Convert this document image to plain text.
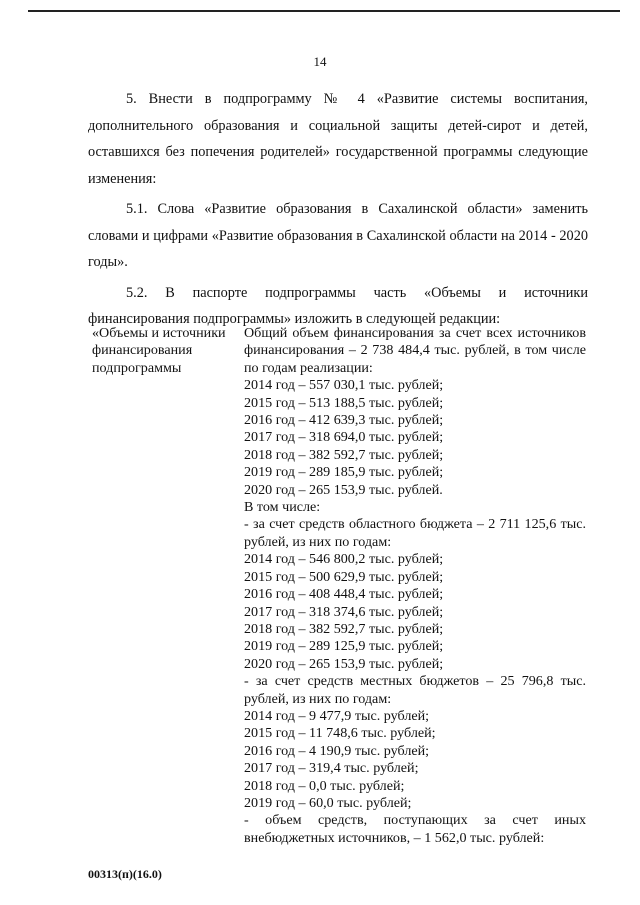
14

5. Внести в подпрограмму № 4 «Развитие системы воспитания, дополнительного образования и социальной защиты детей-сирот и детей, оставшихся без попечения родителей» государственной программы следующие изменения:

5.1. Слова «Развитие образования в Сахалинской области» заменить словами и цифрами «Развитие образования в Сахалинской области на 2014 - 2020 годы».

5.2. В паспорте подпрограммы часть «Объемы и источники финансирования подпрограммы» изложить в следующей редакции:

«Объемы и источники финансирования подпрограммы
Общий объем финансирования за счет всех источников финансирования – 2 738 484,4 тыс. рублей, в том числе по годам реализации:
2014 год – 557 030,1 тыс. рублей;
2015 год – 513 188,5 тыс. рублей;
2016 год – 412 639,3 тыс. рублей;
2017 год – 318 694,0 тыс. рублей;
2018 год – 382 592,7 тыс. рублей;
2019 год – 289 185,9 тыс. рублей;
2020 год – 265 153,9 тыс. рублей.
В том числе:
- за счет средств областного бюджета – 2 711 125,6 тыс. рублей, из них по годам:
2014 год – 546 800,2 тыс. рублей;
2015 год – 500 629,9 тыс. рублей;
2016 год – 408 448,4 тыс. рублей;
2017 год – 318 374,6 тыс. рублей;
2018 год – 382 592,7 тыс. рублей;
2019 год – 289 125,9 тыс. рублей;
2020 год – 265 153,9 тыс. рублей;
- за счет средств местных бюджетов – 25 796,8 тыс. рублей, из них по годам:
2014 год – 9 477,9 тыс. рублей;
2015 год – 11 748,6 тыс. рублей;
2016 год – 4 190,9 тыс. рублей;
2017 год – 319,4 тыс. рублей;
2018 год – 0,0 тыс. рублей;
2019 год – 60,0 тыс. рублей;
- объем средств, поступающих за счет иных внебюджетных источников, – 1 562,0 тыс. рублей:
00313(п)(16.0)
